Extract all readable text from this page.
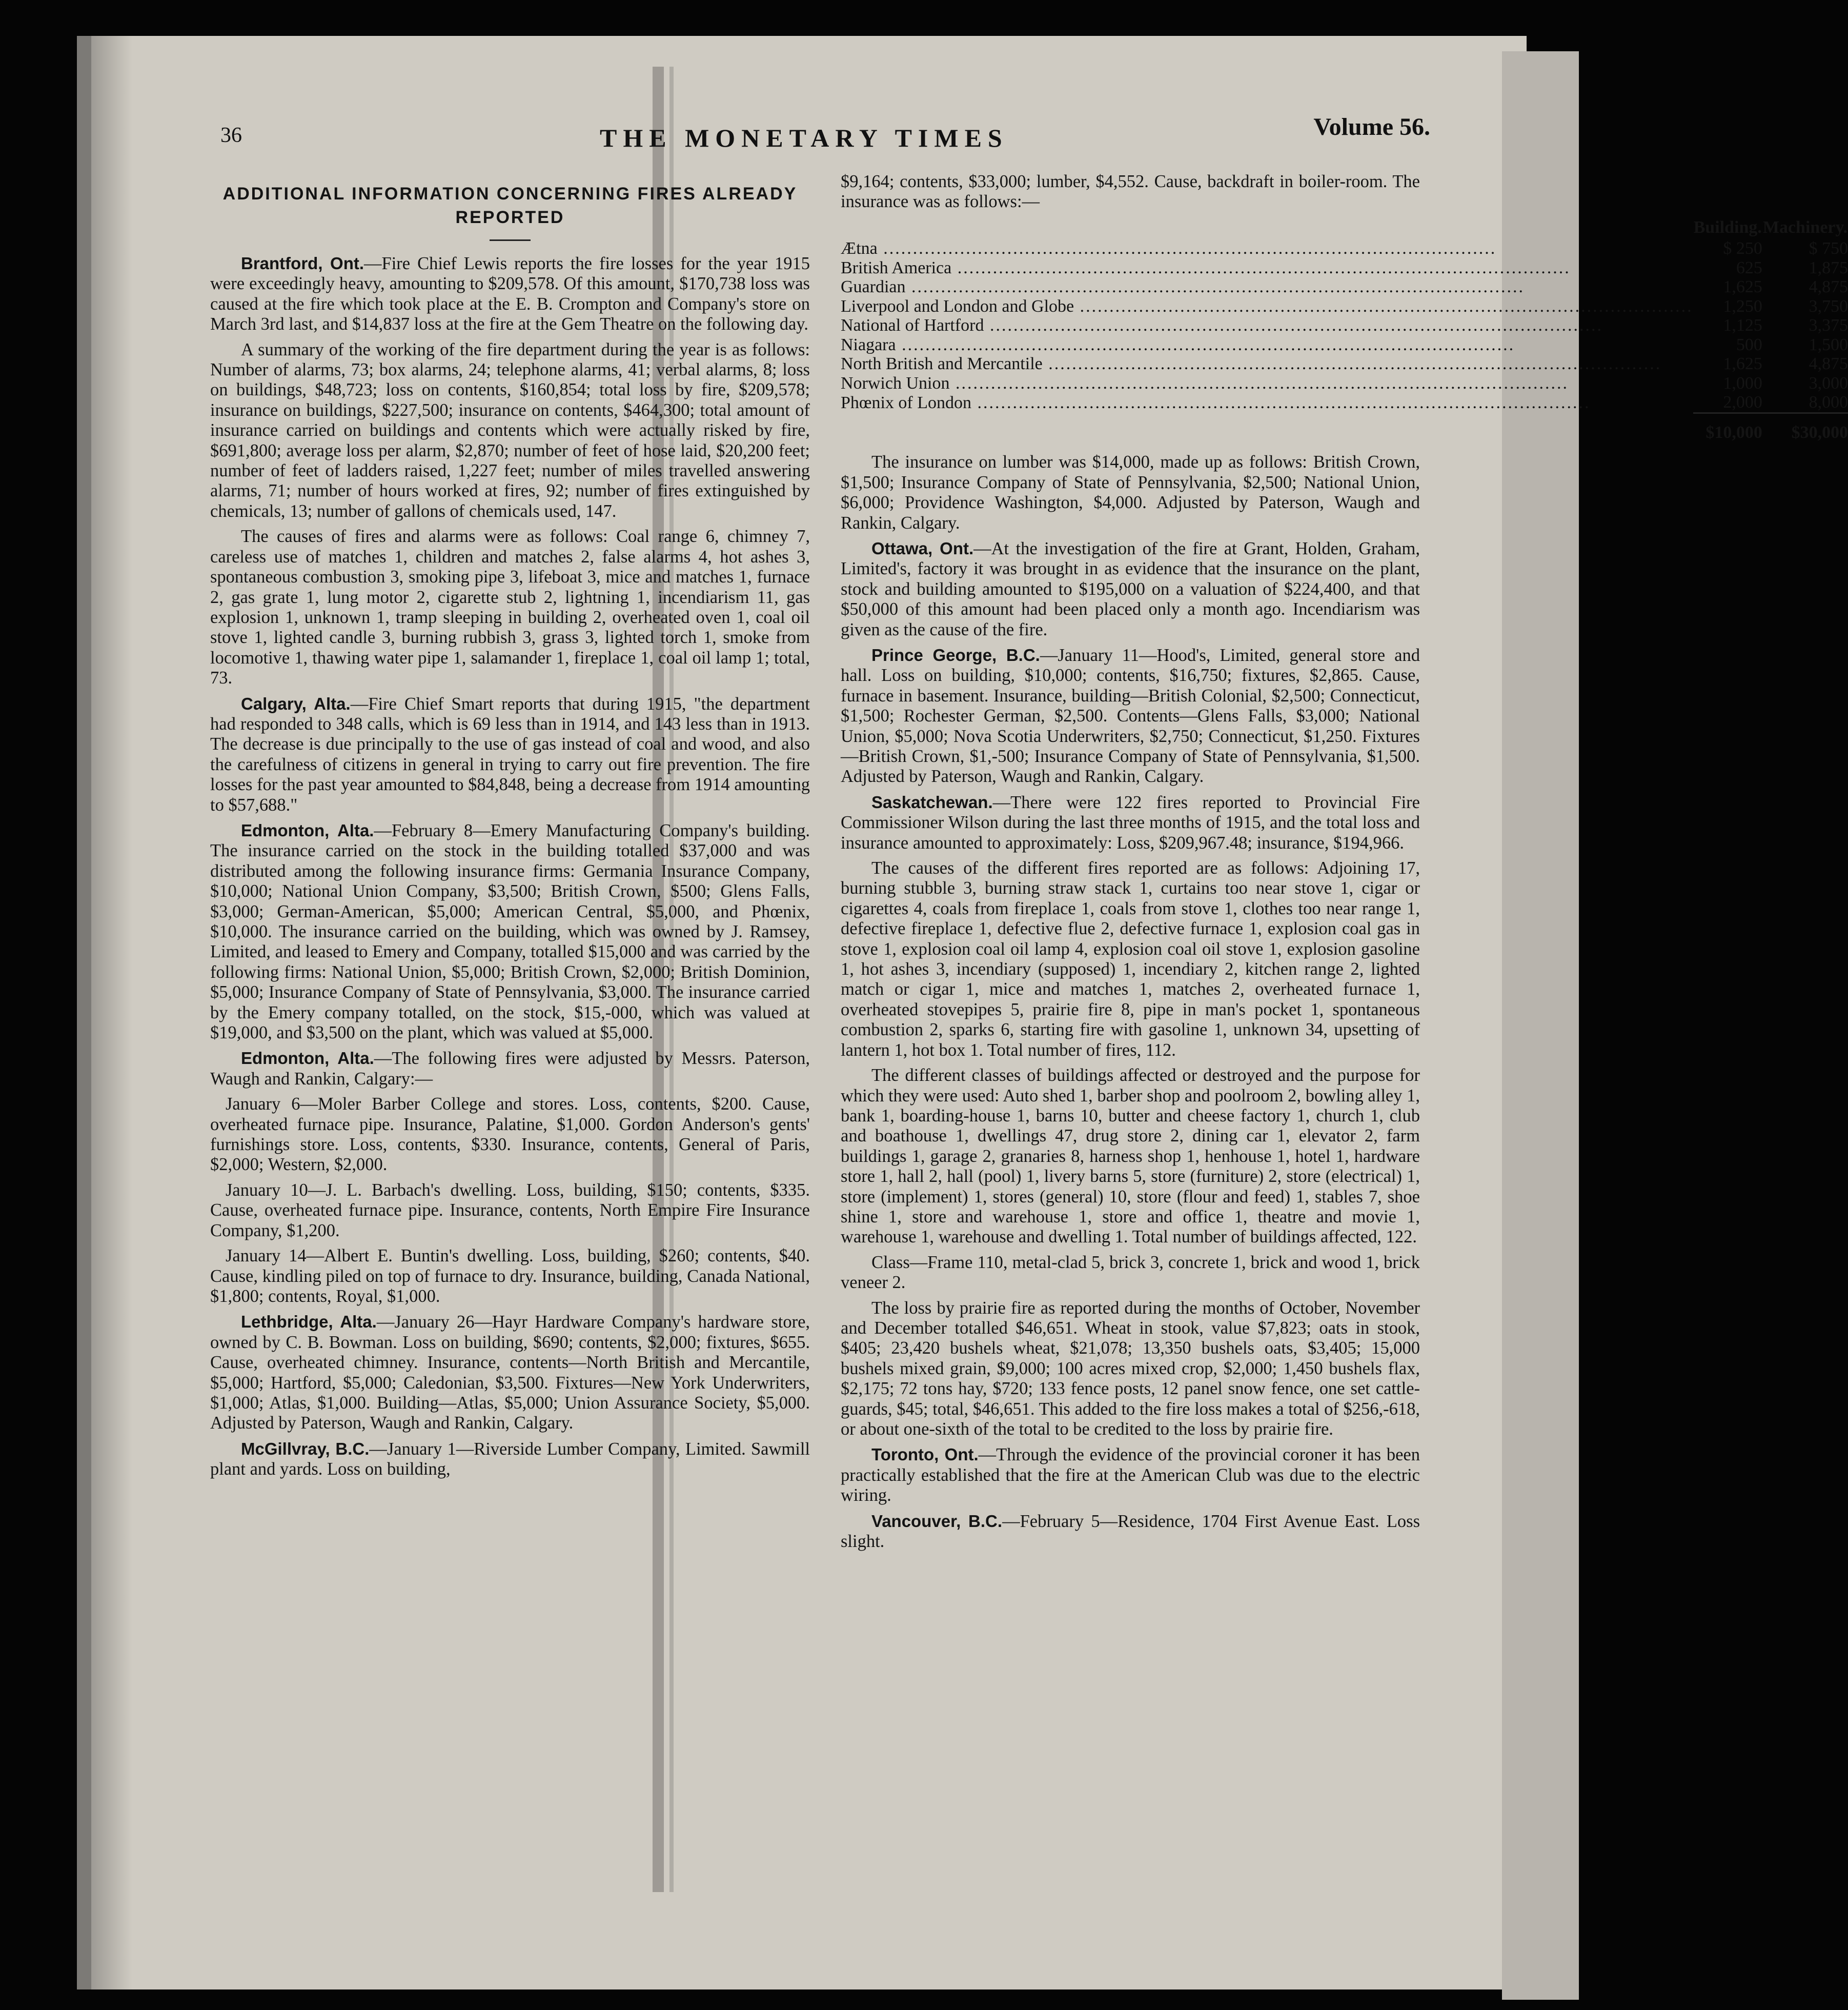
36	THE MONETARY TIMES	Volume 56.
ADDITIONAL INFORMATION CONCERNING FIRES ALREADY REPORTED

Brantford, Ont.—Fire Chief Lewis reports the fire losses for the year 1915 were exceedingly heavy, amounting to $209,578. Of this amount, $170,738 loss was caused at the fire which took place at the E. B. Crompton and Company's store on March 3rd last, and $14,837 loss at the fire at the Gem Theatre on the following day.

A summary of the working of the fire department during the year is as follows: Number of alarms, 73; box alarms, 24; telephone alarms, 41; verbal alarms, 8; loss on buildings, $48,723; loss on contents, $160,854; total loss by fire, $209,578; insurance on buildings, $227,500; insurance on contents, $464,300; total amount of insurance carried on buildings and contents which were actually risked by fire, $691,800; average loss per alarm, $2,870; number of feet of hose laid, $20,200 feet; number of feet of ladders raised, 1,227 feet; number of miles travelled answering alarms, 71; number of hours worked at fires, 92; number of fires extinguished by chemicals, 13; number of gallons of chemicals used, 147.

The causes of fires and alarms were as follows: Coal range 6, chimney 7, careless use of matches 1, children and matches 2, false alarms 4, hot ashes 3, spontaneous combustion 3, smoking pipe 3, lifeboat 3, mice and matches 1, furnace 2, gas grate 1, lung motor 2, cigarette stub 2, lightning 1, incendiarism 11, gas explosion 1, unknown 1, tramp sleeping in building 2, overheated oven 1, coal oil stove 1, lighted candle 3, burning rubbish 3, grass 3, lighted torch 1, smoke from locomotive 1, thawing water pipe 1, salamander 1, fireplace 1, coal oil lamp 1; total, 73.

Calgary, Alta.—Fire Chief Smart reports that during 1915, "the department had responded to 348 calls, which is 69 less than in 1914, and 143 less than in 1913. The decrease is due principally to the use of gas instead of coal and wood, and also the carefulness of citizens in general in trying to carry out fire prevention. The fire losses for the past year amounted to $84,848, being a decrease from 1914 amounting to $57,688."

Edmonton, Alta.—February 8—Emery Manufacturing Company's building. The insurance carried on the stock in the building totalled $37,000 and was distributed among the following insurance firms: Germania Insurance Company, $10,000; National Union Company, $3,500; British Crown, $500; Glens Falls, $3,000; German-American, $5,000; American Central, $5,000, and Phœnix, $10,000. The insurance carried on the building, which was owned by J. Ramsey, Limited, and leased to Emery and Company, totalled $15,000 and was carried by the following firms: National Union, $5,000; British Crown, $2,000; British Dominion, $5,000; Insurance Company of State of Pennsylvania, $3,000. The insurance carried by the Emery company totalled, on the stock, $15,-000, which was valued at $19,000, and $3,500 on the plant, which was valued at $5,000.

Edmonton, Alta.—The following fires were adjusted by Messrs. Paterson, Waugh and Rankin, Calgary:—

January 6—Moler Barber College and stores. Loss, contents, $200. Cause, overheated furnace pipe. Insurance, Palatine, $1,000. Gordon Anderson's gents' furnishings store. Loss, contents, $330. Insurance, contents, General of Paris, $2,000; Western, $2,000.

January 10—J. L. Barbach's dwelling. Loss, building, $150; contents, $335. Cause, overheated furnace pipe. Insurance, contents, North Empire Fire Insurance Company, $1,200.

January 14—Albert E. Buntin's dwelling. Loss, building, $260; contents, $40. Cause, kindling piled on top of furnace to dry. Insurance, building, Canada National, $1,800; contents, Royal, $1,000.

Lethbridge, Alta.—January 26—Hayr Hardware Company's hardware store, owned by C. B. Bowman. Loss on building, $690; contents, $2,000; fixtures, $655. Cause, overheated chimney. Insurance, contents—North British and Mercantile, $5,000; Hartford, $5,000; Caledonian, $3,500. Fixtures—New York Underwriters, $1,000; Atlas, $1,000. Building—Atlas, $5,000; Union Assurance Society, $5,000. Adjusted by Paterson, Waugh and Rankin, Calgary.

McGillvray, B.C.—January 1—Riverside Lumber Company, Limited. Sawmill plant and yards. Loss on building,

$9,164; contents, $33,000; lumber, $4,552. Cause, backdraft in boiler-room. The insurance was as follows:—

	Building.	Machinery.
Ætna .....	$ 250	$ 750
British America .....	625	1,875
Guardian .....	1,625	4,875
Liverpool and London and Globe .....	1,250	3,750
National of Hartford .....	1,125	3,375
Niagara .....	500	1,500
North British and Mercantile .....	1,625	4,875
Norwich Union .....	1,000	3,000
Phœnix of London .....	2,000	8,000
	$10,000	$30,000

The insurance on lumber was $14,000, made up as follows: British Crown, $1,500; Insurance Company of State of Pennsylvania, $2,500; National Union, $6,000; Providence Washington, $4,000. Adjusted by Paterson, Waugh and Rankin, Calgary.

Ottawa, Ont.—At the investigation of the fire at Grant, Holden, Graham, Limited's, factory it was brought in as evidence that the insurance on the plant, stock and building amounted to $195,000 on a valuation of $224,400, and that $50,000 of this amount had been placed only a month ago. Incendiarism was given as the cause of the fire.

Prince George, B.C.—January 11—Hood's, Limited, general store and hall. Loss on building, $10,000; contents, $16,750; fixtures, $2,865. Cause, furnace in basement. Insurance, building—British Colonial, $2,500; Connecticut, $1,500; Rochester German, $2,500. Contents—Glens Falls, $3,000; National Union, $5,000; Nova Scotia Underwriters, $2,750; Connecticut, $1,250. Fixtures—British Crown, $1,-500; Insurance Company of State of Pennsylvania, $1,500. Adjusted by Paterson, Waugh and Rankin, Calgary.

Saskatchewan.—There were 122 fires reported to Provincial Fire Commissioner Wilson during the last three months of 1915, and the total loss and insurance amounted to approximately: Loss, $209,967.48; insurance, $194,966.

The causes of the different fires reported are as follows: Adjoining 17, burning stubble 3, burning straw stack 1, curtains too near stove 1, cigar or cigarettes 4, coals from fireplace 1, coals from stove 1, clothes too near range 1, defective fireplace 1, defective flue 2, defective furnace 1, explosion coal gas in stove 1, explosion coal oil lamp 4, explosion coal oil stove 1, explosion gasoline 1, hot ashes 3, incendiary (supposed) 1, incendiary 2, kitchen range 2, lighted match or cigar 1, mice and matches 1, matches 2, overheated furnace 1, overheated stovepipes 5, prairie fire 8, pipe in man's pocket 1, spontaneous combustion 2, sparks 6, starting fire with gasoline 1, unknown 34, upsetting of lantern 1, hot box 1. Total number of fires, 112.

The different classes of buildings affected or destroyed and the purpose for which they were used: Auto shed 1, barber shop and poolroom 2, bowling alley 1, bank 1, boarding-house 1, barns 10, butter and cheese factory 1, church 1, club and boathouse 1, dwellings 47, drug store 2, dining car 1, elevator 2, farm buildings 1, garage 2, granaries 8, harness shop 1, henhouse 1, hotel 1, hardware store 1, hall 2, hall (pool) 1, livery barns 5, store (furniture) 2, store (electrical) 1, store (implement) 1, stores (general) 10, store (flour and feed) 1, stables 7, shoe shine 1, store and warehouse 1, store and office 1, theatre and movie 1, warehouse 1, warehouse and dwelling 1. Total number of buildings affected, 122.

Class—Frame 110, metal-clad 5, brick 3, concrete 1, brick and wood 1, brick veneer 2.

The loss by prairie fire as reported during the months of October, November and December totalled $46,651. Wheat in stook, value $7,823; oats in stook, $405; 23,420 bushels wheat, $21,078; 13,350 bushels oats, $3,405; 15,000 bushels mixed grain, $9,000; 100 acres mixed crop, $2,000; 1,450 bushels flax, $2,175; 72 tons hay, $720; 133 fence posts, 12 panel snow fence, one set cattle-guards, $45; total, $46,651. This added to the fire loss makes a total of $256,-618, or about one-sixth of the total to be credited to the loss by prairie fire.

Toronto, Ont.—Through the evidence of the provincial coroner it has been practically established that the fire at the American Club was due to the electric wiring.

Vancouver, B.C.—February 5—Residence, 1704 First Avenue East. Loss slight.
